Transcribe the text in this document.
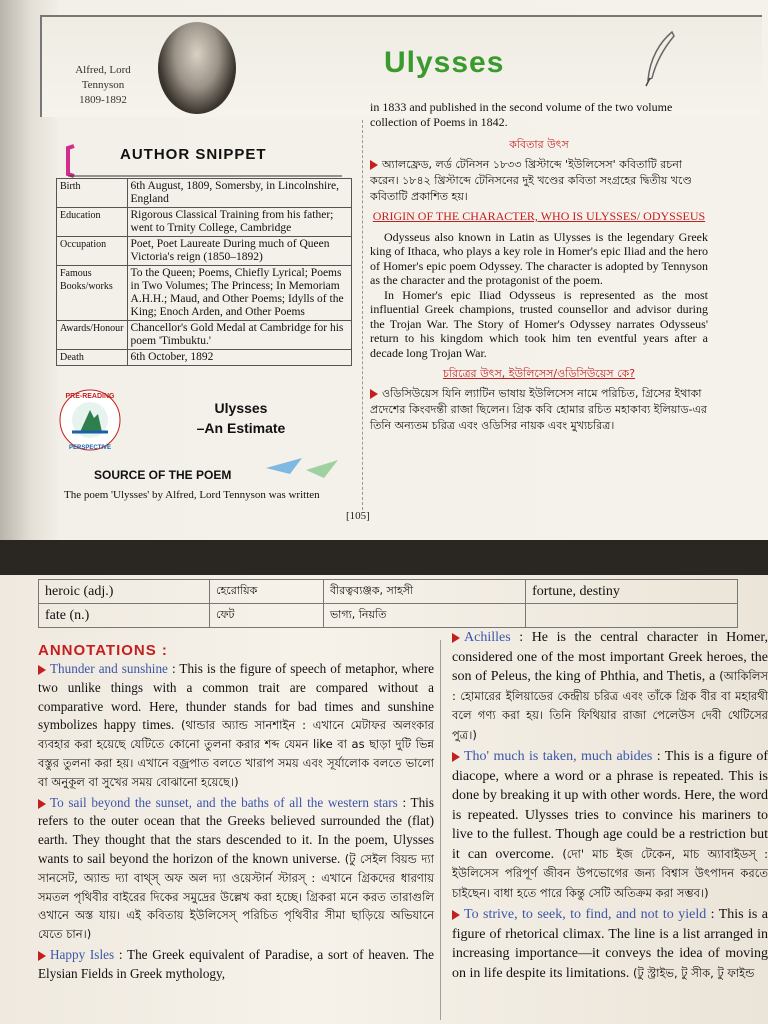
Alfred, Lord Tennyson
1809-1892
Ulysses
AUTHOR SNIPPET
Birth	6th August, 1809, Somersby, in Lincolnshire, England
Education	Rigorous Classical Training from his father; went to Trnity College, Cambridge
Occupation	Poet, Poet Laureate During much of Queen Victoria's reign (1850–1892)
Famous Books/works	To the Queen; Poems, Chiefly Lyrical; Poems in Two Volumes; The Princess; In Memoriam A.H.H.; Maud, and Other Poems; Idylls of the King; Enoch Arden, and Other Poems
Awards/Honour	Chancellor's Gold Medal at Cambridge for his poem 'Timbuktu.'
Death	6th October, 1892
PRE-READING
PERSPECTIVE
Ulysses
–An Estimate
SOURCE OF THE POEM
The poem 'Ulysses' by Alfred, Lord Tennyson was written
[105]

in 1833 and published in the second volume of the two volume collection of Poems in 1842.

কবিতার উৎস

অ্যালফ্রেড, লর্ড টেনিসন ১৮৩৩ খ্রিস্টাব্দে 'ইউলিসেস' কবিতাটি রচনা করেন। ১৮৪২ খ্রিস্টাব্দে টেনিসনের দুই খণ্ডের কবিতা সংগ্রহের দ্বিতীয় খণ্ডে কবিতাটি প্রকাশিত হয়।

ORIGIN OF THE CHARACTER, WHO IS ULYSSES/ ODYSSEUS

Odysseus also known in Latin as Ulysses is the legendary Greek king of Ithaca, who plays a key role in Homer's epic Iliad and the hero of Homer's epic poem Odyssey. The character is adopted by Tennyson as the character and the protagonist of the poem.

In Homer's epic Iliad Odysseus is represented as the most influential Greek champions, trusted counsellor and advisor during the Trojan War. The Story of Homer's Odyssey narrates Odysseus' return to his kingdom which took him ten eventful years after a decade long Trojan War.

চরিত্রের উৎস, ইউলিসেস/ওডিসিউয়েস কে?

ওডিসিউয়েস যিনি ল্যাটিন ভাষায় ইউলিসেস নামে পরিচিত, গ্রিসের ইথাকা প্রদেশের কিংবদন্তী রাজা ছিলেন। গ্রিক কবি হোমার রচিত মহাকাব্য ইলিয়াড-এর তিনি অন্যতম চরিত্র এবং ওডিসির নায়ক এবং মুখ্যচরিত্র।

heroic (adj.)	হেরোয়িক	বীরত্বব্যঞ্জক, সাহসী	fortune, destiny
fate (n.)	ফেট	ভাগ্য, নিয়তি	
ANNOTATIONS :

Thunder and sunshine : This is the figure of speech of metaphor, where two unlike things with a common trait are compared without a comparative word. Here, thunder stands for bad times and sunshine symbolizes happy times. (থান্ডার অ্যান্ড সানশাইন : এখানে মেটাফর অলংকার ব্যবহার করা হয়েছে যেটিতে কোনো তুলনা করার শব্দ যেমন like বা as ছাড়া দুটি ভিন্ন বস্তুর তুলনা করা হয়। এখানে বজ্রপাত বলতে খারাপ সময় এবং সূর্যালোক বলতে ভালো বা অনুকূল বা সুখের সময় বোঝানো হয়েছে।)

To sail beyond the sunset, and the baths of all the western stars : This refers to the outer ocean that the Greeks believed surrounded the (flat) earth. They thought that the stars descended to it. In the poem, Ulysses wants to sail beyond the horizon of the known universe. (টু সেইল বিয়ন্ড দ্যা সানসেট, অ্যান্ড দ্যা বাথ্‌স্ অফ অল দ্যা ওয়েস্টার্ন স্টারস্ : এখানে গ্রিকদের ধারণায় সমতল পৃথিবীর বাইরের দিকের সমুদ্রের উল্লেখ করা হচ্ছে। গ্রিকরা মনে করত তারাগুলি ওখানে অস্ত যায়। এই কবিতায় ইউলিসেস্ পরিচিত পৃথিবীর সীমা ছাড়িয়ে অভিযানে যেতে চান।)

Happy Isles : The Greek equivalent of Paradise, a sort of heaven. The Elysian Fields in Greek mythology,

Achilles : He is the central character in Homer, considered one of the most important Greek heroes, the son of Peleus, the king of Phthia, and Thetis, a (আকিলিস : হোমারের ইলিয়াডের কেন্দ্রীয় চরিত্র এবং তাঁকে গ্রিক বীর বা মহারথী বলে গণ্য করা হয়। তিনি ফিথিয়ার রাজা পেলেউস দেবী থেটিসের পুত্র।)

Tho' much is taken, much abides : This is a figure of diacope, where a word or a phrase is repeated. This is done by breaking it up with other words. Here, the word is repeated. Ulysses tries to convince his mariners to live to the fullest. Though age could be a restriction but it can overcome. (দো' মাচ ইজ টেকেন, মাচ অ্যাবাইডস্ : ইউলিসেস পরিপূর্ণ জীবন উপভোগের জন্য বিশ্বাস উৎপাদন করতে চাইছেন। বাধা হতে পারে কিন্তু সেটি অতিক্রম করা সম্ভব।)

To strive, to seek, to find, and not to yield : This is a figure of rhetorical climax. The line is a list arranged in increasing importance—it conveys the idea of moving on in life despite its limitations. (টু স্ট্রাইভ, টু সীক, টু ফাইন্ড
